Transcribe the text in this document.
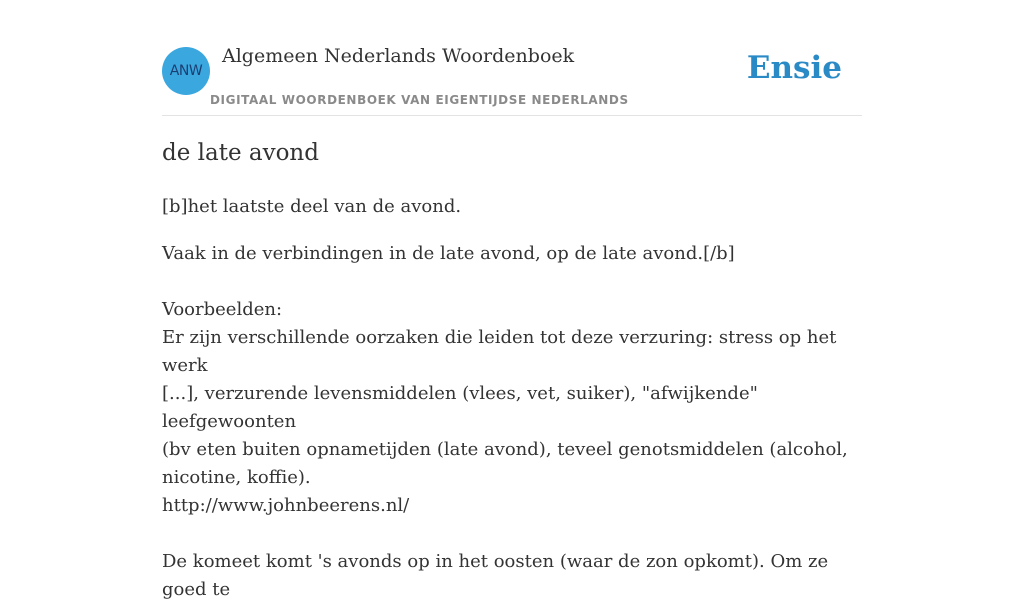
ANW
Algemeen Nederlands Woordenboek
DIGITAAL WOORDENBOEK VAN EIGENTIJDSE NEDERLANDS
Ensie
de late avond

[b]het laatste deel van de avond.

Vaak in de verbindingen in de late avond, op de late avond.[/b]
Voorbeelden:
Er zijn verschillende oorzaken die leiden tot deze verzuring: stress op het werk
[...], verzurende levensmiddelen (vlees, vet, suiker), "afwijkende" leefgewoonten
(bv eten buiten opnametijden (late avond), teveel genotsmiddelen (alcohol,
nicotine, koffie).
http://www.johnbeerens.nl/
De komeet komt 's avonds op in het oosten (waar de zon opkomt). Om ze goed te
